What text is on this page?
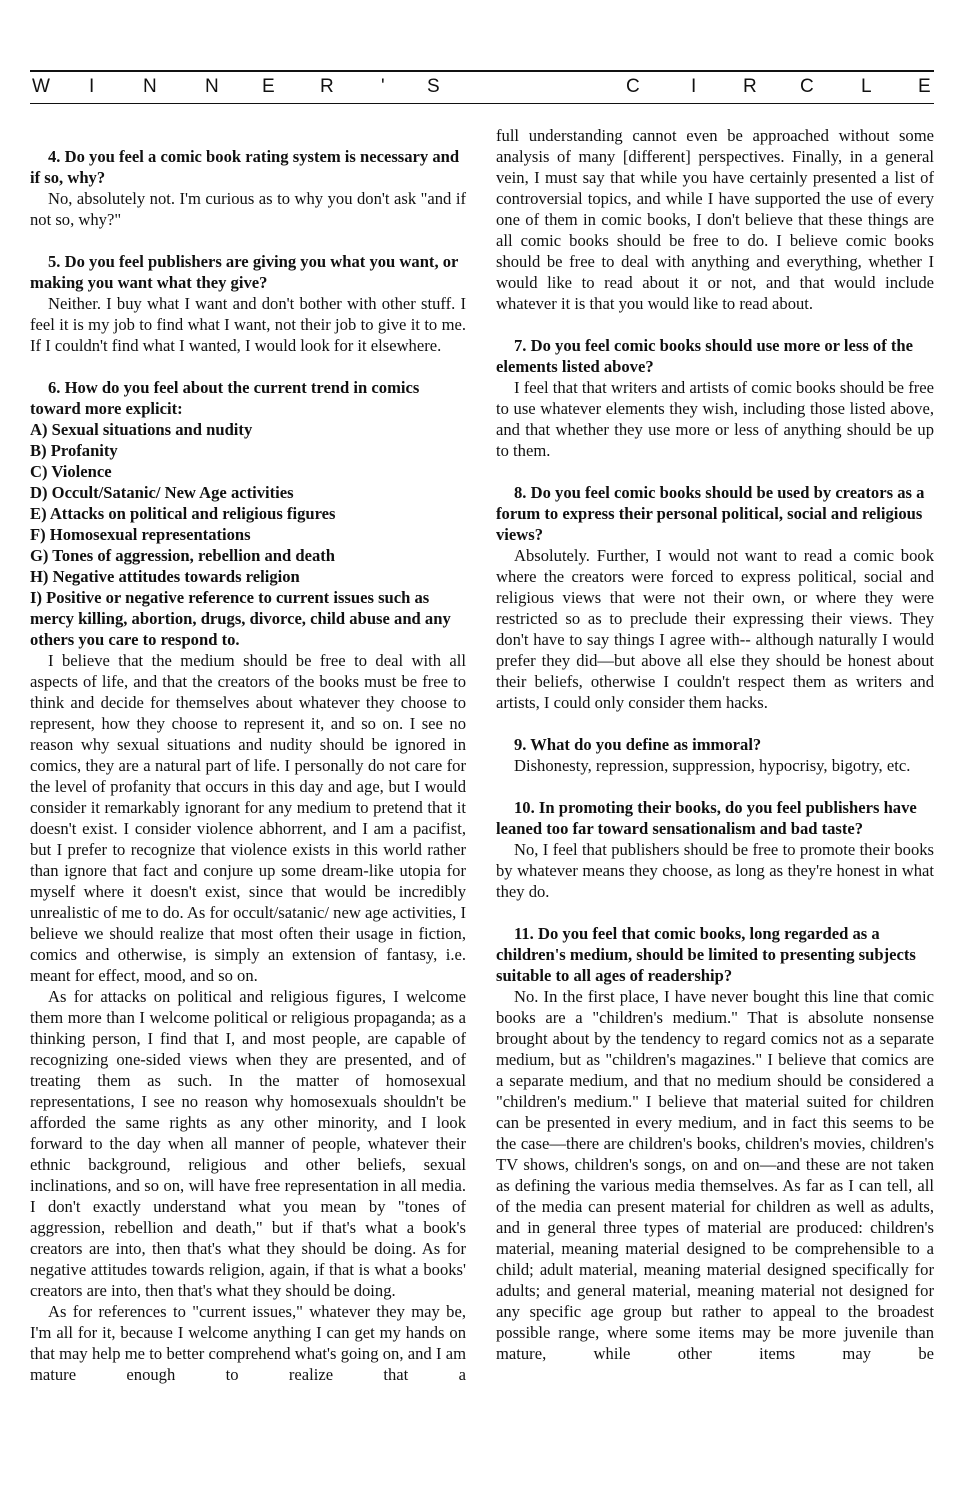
W I	N	N E R ' S	C	I R C L E

4. Do you feel a comic book rating system is necessary and if so, why?

No, absolutely not. I'm curious as to why you don't ask "and if not so, why?"

5. Do you feel publishers are giving you what you want, or making you want what they give?

Neither. I buy what I want and don't bother with other stuff. I feel it is my job to find what I want, not their job to give it to me. If I couldn't find what I wanted, I would look for it elsewhere.

6. How do you feel about the current trend in comics toward more explicit:

A) Sexual situations and nudity

B) Profanity

C) Violence

D) Occult/Satanic/ New Age activities

E) Attacks on political and religious figures

F) Homosexual representations

G) Tones of aggression, rebellion and death

H) Negative attitudes towards religion

I) Positive or negative reference to current issues such as mercy killing, abortion, drugs, divorce, child abuse and any others you care to respond to.

I believe that the medium should be free to deal with all aspects of life, and that the creators of the books must be free to think and decide for themselves about whatever they choose to represent, how they choose to represent it, and so on. I see no reason why sexual situations and nudity should be ignored in comics, they are a natural part of life. I personally do not care for the level of profanity that occurs in this day and age, but I would consider it remarkably ignorant for any medium to pretend that it doesn't exist. I consider violence abhorrent, and I am a pacifist, but I prefer to recognize that violence exists in this world rather than ignore that fact and conjure up some dream-like utopia for myself where it doesn't exist, since that would be incredibly unrealistic of me to do. As for occult/satanic/ new age activities, I believe we should realize that most often their usage in fiction, comics and otherwise, is simply an extension of fantasy, i.e. meant for effect, mood, and so on.

As for attacks on political and religious figures, I welcome them more than I welcome political or religious propaganda; as a thinking person, I find that I, and most people, are capable of recognizing one-sided views when they are presented, and of treating them as such. In the matter of homosexual representations, I see no reason why homosexuals shouldn't be afforded the same rights as any other minority, and I look forward to the day when all manner of people, whatever their ethnic background, religious and other beliefs, sexual inclinations, and so on, will have free representation in all media. I don't exactly understand what you mean by "tones of aggression, rebellion and death," but if that's what a book's creators are into, then that's what they should be doing. As for negative attitudes towards religion, again, if that is what a books' creators are into, then that's what they should be doing.

As for references to "current issues," whatever they may be, I'm all for it, because I welcome anything I can get my hands on that may help me to better comprehend what's going on, and I am mature enough to realize that a

full understanding cannot even be approached without some analysis of many [different] perspectives. Finally, in a general vein, I must say that while you have certainly presented a list of controversial topics, and while I have supported the use of every one of them in comic books, I don't believe that these things are all comic books should be free to do. I believe comic books should be free to deal with anything and everything, whether I would like to read about it or not, and that would include whatever it is that you would like to read about.

7. Do you feel comic books should use more or less of the elements listed above?

I feel that that writers and artists of comic books should be free to use whatever elements they wish, including those listed above, and that whether they use more or less of anything should be up to them.

8. Do you feel comic books should be used by creators as a forum to express their personal political, social and religious views?

Absolutely. Further, I would not want to read a comic book where the creators were forced to express political, social and religious views that were not their own, or where they were restricted so as to preclude their expressing their views. They don't have to say things I agree with-- although naturally I would prefer they did—but above all else they should be honest about their beliefs, otherwise I couldn't respect them as writers and artists, I could only consider them hacks.

9. What do you define as immoral?

Dishonesty, repression, suppression, hypocrisy, bigotry, etc.

10. In promoting their books, do you feel publishers have leaned too far toward sensationalism and bad taste?

No, I feel that publishers should be free to promote their books by whatever means they choose, as long as they're honest in what they do.

11. Do you feel that comic books, long regarded as a children's medium, should be limited to presenting subjects suitable to all ages of readership?

No. In the first place, I have never bought this line that comic books are a "children's medium." That is absolute nonsense brought about by the tendency to regard comics not as a separate medium, but as "children's magazines." I believe that comics are a separate medium, and that no medium should be considered a "children's medium." I believe that material suited for children can be presented in every medium, and in fact this seems to be the case—there are children's books, children's movies, children's TV shows, children's songs, on and on—and these are not taken as defining the various media themselves. As far as I can tell, all of the media can present material for children as well as adults, and in general three types of material are produced: children's material, meaning material designed to be comprehensible to a child; adult material, meaning material designed specifically for adults; and general material, meaning material not designed for any specific age group but rather to appeal to the broadest possible range, where some items may be more juvenile than mature, while other items may be
